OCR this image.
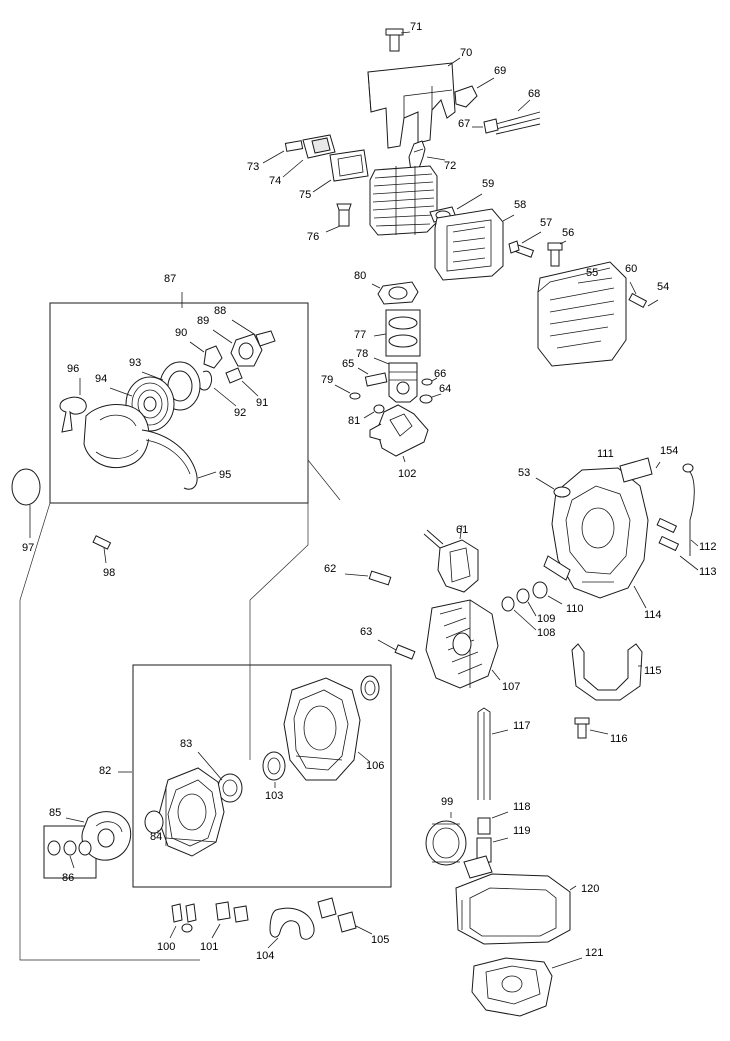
71
70
69
68
67
73
74
75
72
76
59
58
57
56
55 60
54
80
77
78
65
79	66
64
81
102
87
88
89
90
93
96
94
91
92
95
97
98
53
111	154
112
113
114
110
109
108
61
62
63
107
115
116
117
118
119
99
120
121
82
83
85
84
86
103
106
100 101
104
105
